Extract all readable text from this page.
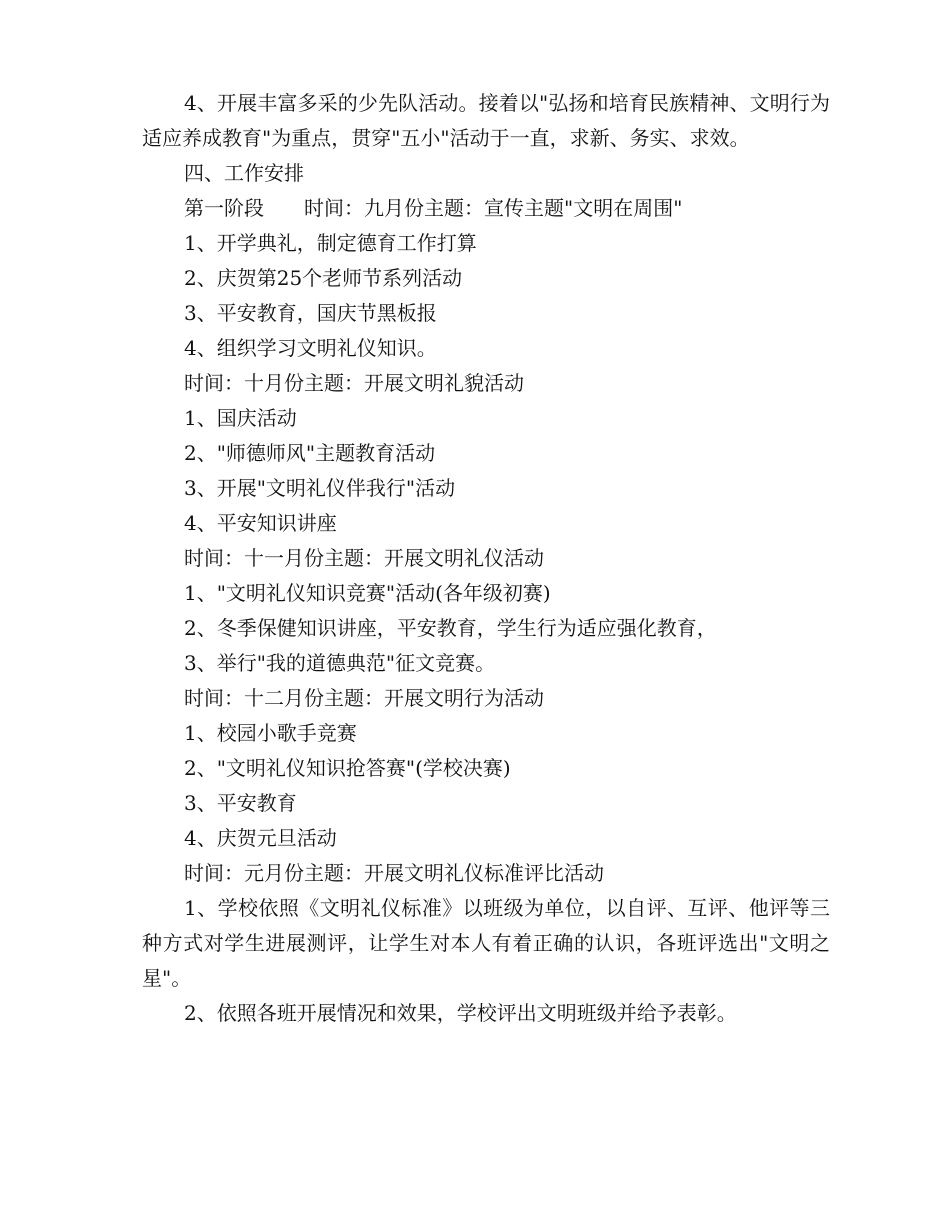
4、开展丰富多采的少先队活动。接着以"弘扬和培育民族精神、文明行为适应养成教育"为重点，贯穿"五小"活动于一直，求新、务实、求效。

四、工作安排

第一阶段　　时间：九月份主题：宣传主题"文明在周围"

1、开学典礼，制定德育工作打算

2、庆贺第25个老师节系列活动

3、平安教育，国庆节黑板报

4、组织学习文明礼仪知识。

时间：十月份主题：开展文明礼貌活动

1、国庆活动

2、"师德师风"主题教育活动

3、开展"文明礼仪伴我行"活动

4、平安知识讲座

时间：十一月份主题：开展文明礼仪活动

1、"文明礼仪知识竞赛"活动(各年级初赛)

2、冬季保健知识讲座，平安教育，学生行为适应强化教育，

3、举行"我的道德典范"征文竞赛。

时间：十二月份主题：开展文明行为活动

1、校园小歌手竞赛

2、"文明礼仪知识抢答赛"(学校决赛)

3、平安教育

4、庆贺元旦活动

时间：元月份主题：开展文明礼仪标准评比活动

1、学校依照《文明礼仪标准》以班级为单位，以自评、互评、他评等三种方式对学生进展测评，让学生对本人有着正确的认识，各班评选出"文明之星"。

2、依照各班开展情况和效果，学校评出文明班级并给予表彰。
